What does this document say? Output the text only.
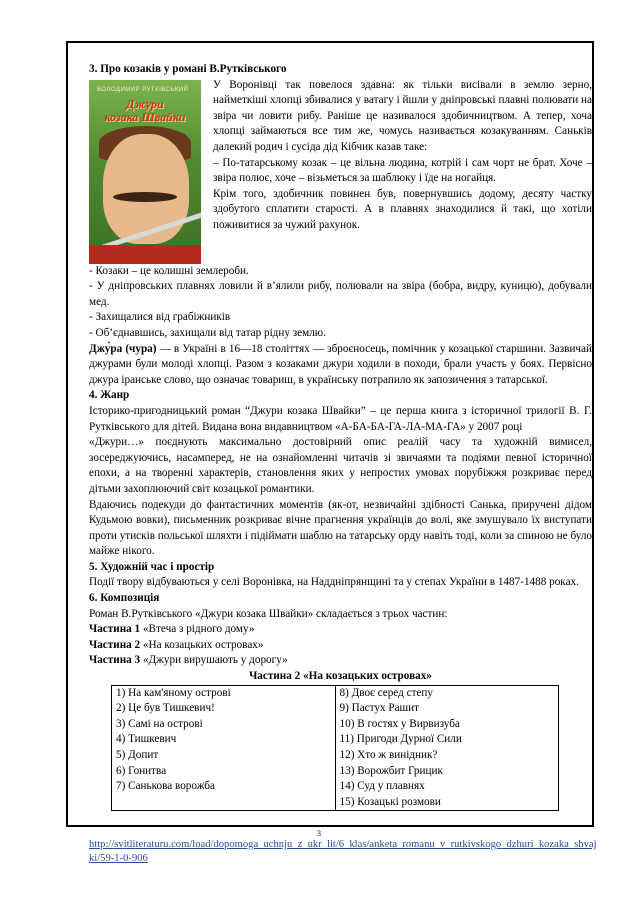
3. Про козаків у романі В.Рутківського

ВОЛОДИМИР РУТКІВСЬКИЙ
Джури
козака Швайки

У Воронівці так повелося здавна: як тільки висівали в землю зерно, найметкіші хлопці збивалися у ватагу і йшли у дніпровські плавні полювати на звіра чи ловити рибу. Раніше це називалося здобичництвом. А тепер, хоча хлопці займаються все тим же, чомусь називається козакуванням. Саньків далекий родич і сусіда дід Кібчик казав таке:

– По-татарському козак – це вільна людина, котрій і сам чорт не брат. Хоче – звіра полює, хоче – візьметься за шаблюку і їде на ногайця.

Крім того, здобичник повинен був, повернувшись додому, десяту частку здобутого сплатити старості. А в плавнях знаходилися й такі, що хотіли поживитися за чужий рахунок.

- Козаки – це колишні землероби.

- У дніпровських плавнях ловили й в’ялили рибу, полювали на звіра (бобра, видру, куницю), добували мед.

- Захищалися від грабіжників

- Об’єднавшись, захищали від татар рідну землю.

Джу́ра (чура) — в Україні в 16—18 століттях — зброєносець, помічник у козацької старшини. Зазвичай джурами були молоді хлопці. Разом з козаками джури ходили в походи, брали участь у боях. Первісно джура іранське слово, що означає товариш, в українську потрапило як запозичення з татарської.

4. Жанр

Історико-пригодницький роман “Джури козака Швайки” – це перша книга з історичної трилогії В. Г. Рутківського для дітей. Видана вона видавництвом «А-БА-БА-ГА-ЛА-МА-ГА» у 2007 році

«Джури…» поєднують максимально достовірний опис реалій часу та художній вимисел, зосереджуючись, насамперед, не на ознайомленні читачів зі звичаями та подіями певної історичної епохи, а на творенні характерів, становлення яких у непростих умовах порубіжжя розкриває перед дітьми захоплюючий світ козацької романтики.

Вдаючись подекуди до фантастичних моментів (як-от, незвичайні здібності Санька, приручені дідом Кудьмою вовки), письменник розкриває вічне прагнення українців до волі, яке змушувало їх виступати проти утисків польської шляхти і підіймати шаблю на татарську орду навіть тоді, коли за спиною не було майже нікого.

5. Художній час і простір

Події твору відбуваються у селі Воронівка, на Наддніпрянщині та у степах України в 1487-1488 роках.

6. Композиція

Роман В.Рутківського «Джури козака Швайки» складається з трьох частин:

Частина 1 «Втеча з рідного дому»

Частина 2 «На козацьких островах»

Частина 3 «Джури вирушають у дорогу»

Частина 2 «На козацьких островах»

1) На кам'яному острові
2) Це був Тишкевич!
3) Самі на острові
4) Тишкевич
5) Допит
6) Гонитва
7) Санькова ворожба

8) Двоє серед степу
9) Пастух Рашит
10) В гостях у Вирвизуба
11) Пригоди Дурної Сили
12) Хто ж винідник?
13) Ворожбит Грицик
14) Суд у плавнях
15) Козацькі розмови
3
http://svitliteraturu.com/load/dopomoga_uchnju_z_ukr_lit/6_klas/anketa_romanu_v_rutkivskogo_dzhuri_kozaka_shvajki/59-1-0-906
